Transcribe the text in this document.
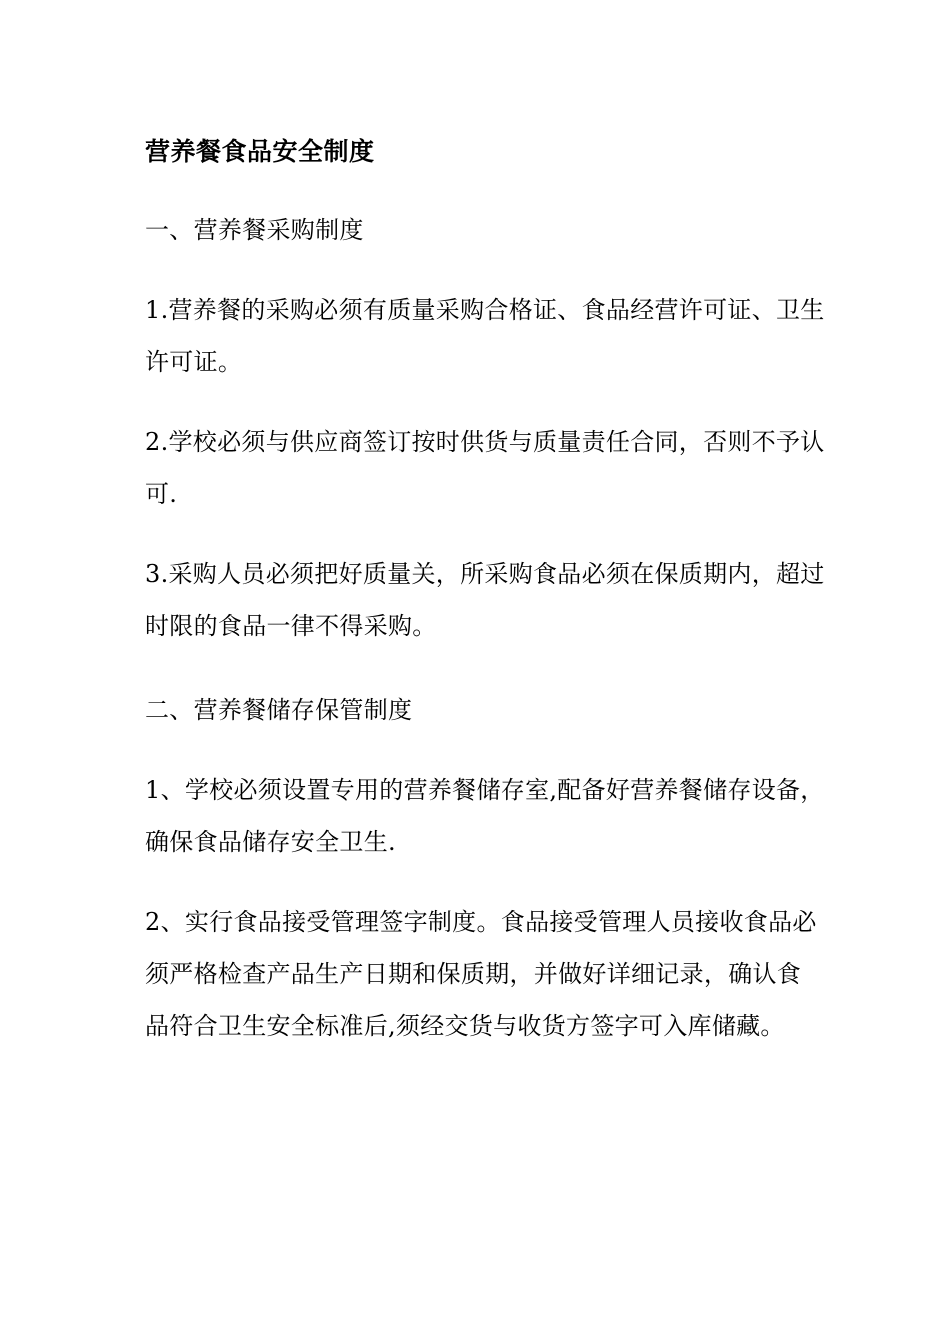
营养餐食品安全制度

一、营养餐采购制度

1.营养餐的采购必须有质量采购合格证、食品经营许可证、卫生许可证。

2.学校必须与供应商签订按时供货与质量责任合同，否则不予认可.

3.采购人员必须把好质量关，所采购食品必须在保质期内，超过时限的食品一律不得采购。

二、营养餐储存保管制度

1、学校必须设置专用的营养餐储存室,配备好营养餐储存设备，确保食品储存安全卫生.

2、实行食品接受管理签字制度。食品接受管理人员接收食品必须严格检查产品生产日期和保质期，并做好详细记录，确认食品符合卫生安全标准后,须经交货与收货方签字可入库储藏。
